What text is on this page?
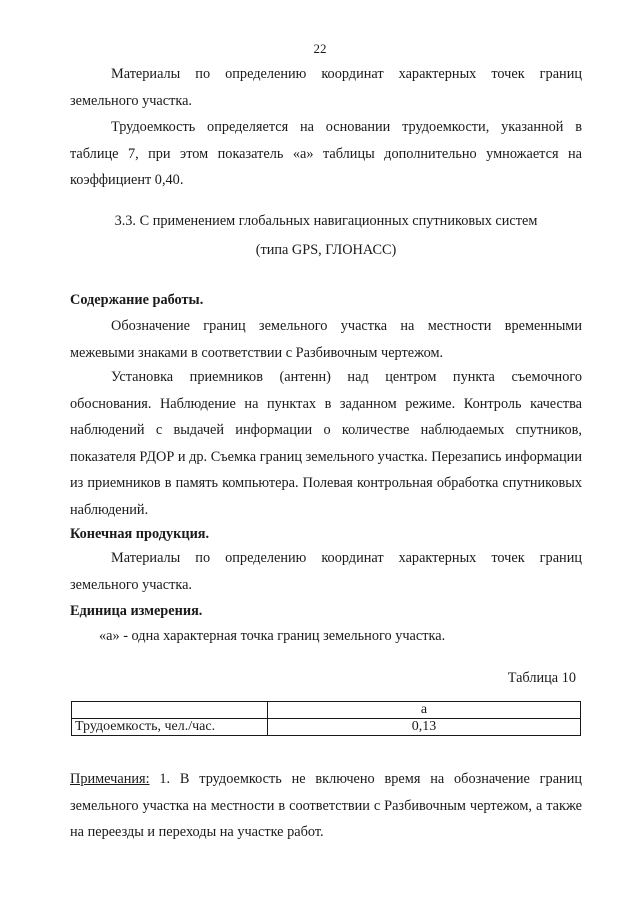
22

Материалы по определению координат характерных точек границ земельного участка.

Трудоемкость определяется на основании трудоемкости, указанной в таблице 7, при этом показатель «а» таблицы дополнительно умножается на коэффициент 0,40.

3.3. С применением глобальных навигационных спутниковых систем

(типа GPS, ГЛОНАСС)

Содержание работы.

Обозначение границ земельного участка на местности временными межевыми знаками в соответствии с Разбивочным чертежом.

Установка приемников (антенн) над центром пункта съемочного обоснования. Наблюдение на пунктах в заданном режиме. Контроль качества наблюдений с выдачей информации о количестве наблюдаемых спутников, показателя РДОР и др. Съемка границ земельного участка. Перезапись информации из приемников в память компьютера. Полевая контрольная обработка спутниковых наблюдений.

Конечная продукция.

Материалы по определению координат характерных точек границ земельного участка.

Единица измерения.

«а» - одна характерная точка границ земельного участка.

Таблица 10
	а
Трудоемкость, чел./час.	0,13

Примечания: 1. В трудоемкость не включено время на обозначение границ земельного участка на местности в соответствии с Разбивочным чертежом, а также на переезды и переходы на участке работ.
